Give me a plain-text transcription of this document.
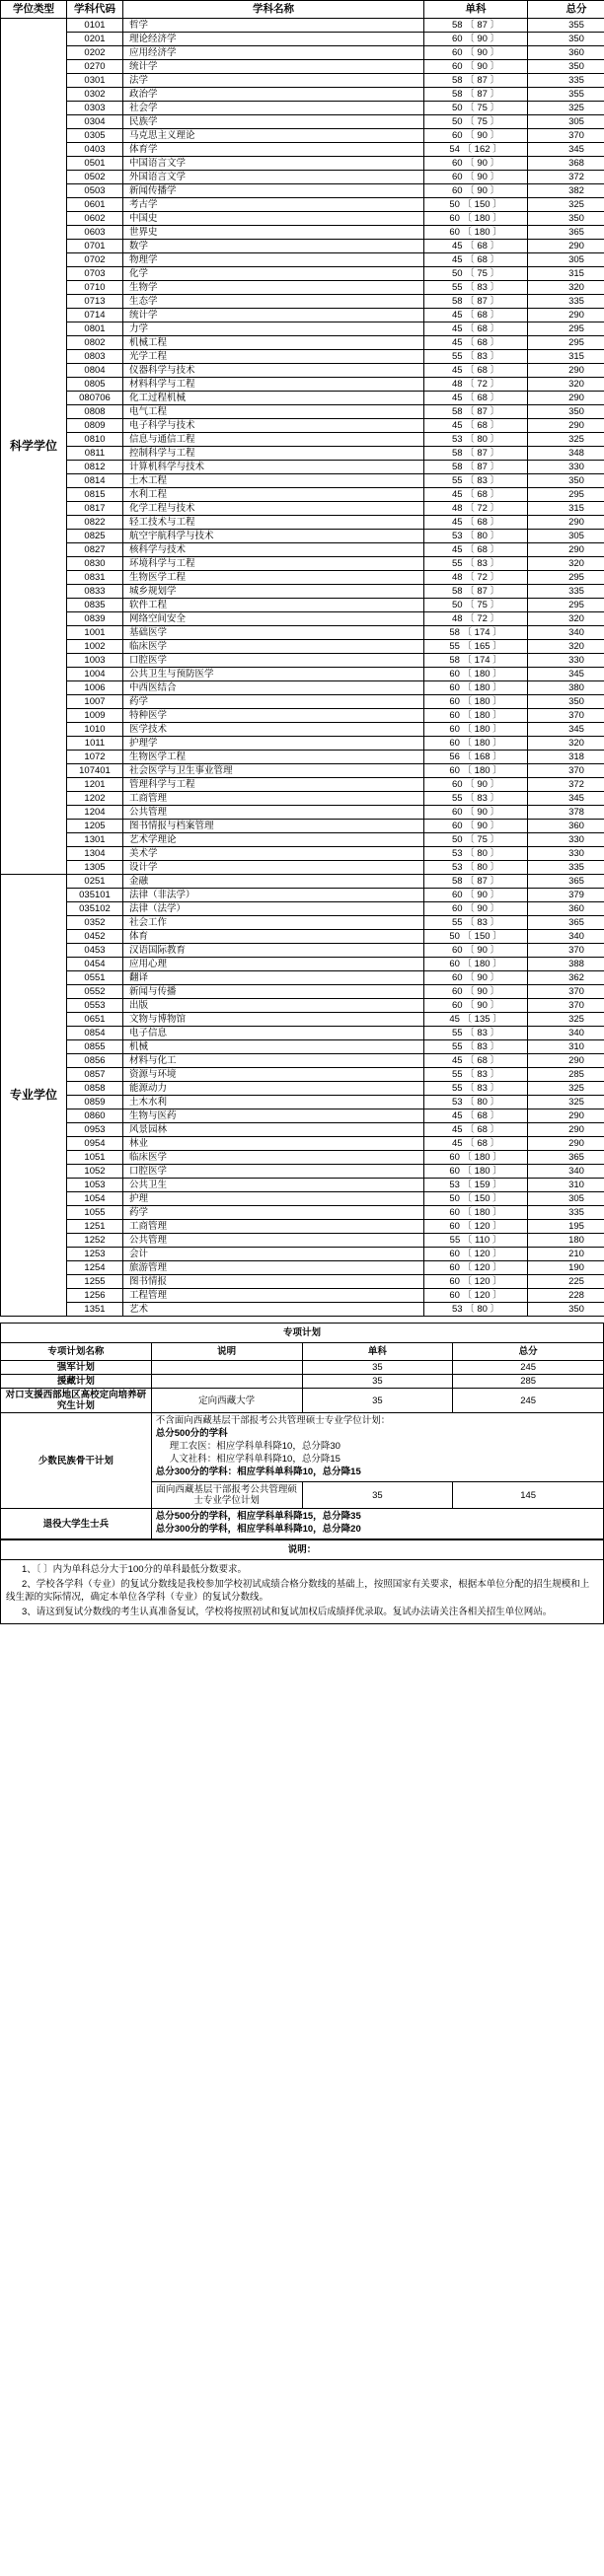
学位类型	学科代码	学科名称	单科	总分
科学学位	0101	哲学	58 〔 87 〕	355
	0201	理论经济学	60 〔 90 〕	350
	0202	应用经济学	60 〔 90 〕	360
	0270	统计学	60 〔 90 〕	350
	0301	法学	58 〔 87 〕	335
	0302	政治学	58 〔 87 〕	355
	0303	社会学	50 〔 75 〕	325
	0304	民族学	50 〔 75 〕	305
	0305	马克思主义理论	60 〔 90 〕	370
	0403	体育学	54 〔 162 〕	345
	0501	中国语言文学	60 〔 90 〕	368
	0502	外国语言文学	60 〔 90 〕	372
	0503	新闻传播学	60 〔 90 〕	382
	0601	考古学	50 〔 150 〕	325
	0602	中国史	60 〔 180 〕	350
	0603	世界史	60 〔 180 〕	365
	0701	数学	45 〔 68 〕	290
	0702	物理学	45 〔 68 〕	305
	0703	化学	50 〔 75 〕	315
	0710	生物学	55 〔 83 〕	320
	0713	生态学	58 〔 87 〕	335
	0714	统计学	45 〔 68 〕	290
	0801	力学	45 〔 68 〕	295
	0802	机械工程	45 〔 68 〕	295
	0803	光学工程	55 〔 83 〕	315
	0804	仪器科学与技术	45 〔 68 〕	290
	0805	材料科学与工程	48 〔 72 〕	320
	080706	化工过程机械	45 〔 68 〕	290
	0808	电气工程	58 〔 87 〕	350
	0809	电子科学与技术	45 〔 68 〕	290
	0810	信息与通信工程	53 〔 80 〕	325
	0811	控制科学与工程	58 〔 87 〕	348
	0812	计算机科学与技术	58 〔 87 〕	330
	0814	土木工程	55 〔 83 〕	350
	0815	水利工程	45 〔 68 〕	295
	0817	化学工程与技术	48 〔 72 〕	315
	0822	轻工技术与工程	45 〔 68 〕	290
	0825	航空宇航科学与技术	53 〔 80 〕	305
	0827	核科学与技术	45 〔 68 〕	290
	0830	环境科学与工程	55 〔 83 〕	320
	0831	生物医学工程	48 〔 72 〕	295
	0833	城乡规划学	58 〔 87 〕	335
	0835	软件工程	50 〔 75 〕	295
	0839	网络空间安全	48 〔 72 〕	320
	1001	基础医学	58 〔 174 〕	340
	1002	临床医学	55 〔 165 〕	320
	1003	口腔医学	58 〔 174 〕	330
	1004	公共卫生与预防医学	60 〔 180 〕	345
	1006	中西医结合	60 〔 180 〕	380
	1007	药学	60 〔 180 〕	350
	1009	特种医学	60 〔 180 〕	370
	1010	医学技术	60 〔 180 〕	345
	1011	护理学	60 〔 180 〕	320
	1072	生物医学工程	56 〔 168 〕	318
	107401	社会医学与卫生事业管理	60 〔 180 〕	370
	1201	管理科学与工程	60 〔 90 〕	372
	1202	工商管理	55 〔 83 〕	345
	1204	公共管理	60 〔 90 〕	378
	1205	图书情报与档案管理	60 〔 90 〕	360
	1301	艺术学理论	50 〔 75 〕	330
	1304	美术学	53 〔 80 〕	330
	1305	设计学	53 〔 80 〕	335
专业学位	0251	金融	58 〔 87 〕	365
	035101	法律（非法学）	60 〔 90 〕	379
	035102	法律（法学）	60 〔 90 〕	360
	0352	社会工作	55 〔 83 〕	365
	0452	体育	50 〔 150 〕	340
	0453	汉语国际教育	60 〔 90 〕	370
	0454	应用心理	60 〔 180 〕	388
	0551	翻译	60 〔 90 〕	362
	0552	新闻与传播	60 〔 90 〕	370
	0553	出版	60 〔 90 〕	370
	0651	文物与博物馆	45 〔 135 〕	325
	0854	电子信息	55 〔 83 〕	340
	0855	机械	55 〔 83 〕	310
	0856	材料与化工	45 〔 68 〕	290
	0857	资源与环境	55 〔 83 〕	285
	0858	能源动力	55 〔 83 〕	325
	0859	土木水利	53 〔 80 〕	325
	0860	生物与医药	45 〔 68 〕	290
	0953	风景园林	45 〔 68 〕	290
	0954	林业	45 〔 68 〕	290
	1051	临床医学	60 〔 180 〕	365
	1052	口腔医学	60 〔 180 〕	340
	1053	公共卫生	53 〔 159 〕	310
	1054	护理	50 〔 150 〕	305
	1055	药学	60 〔 180 〕	335
	1251	工商管理	60 〔 120 〕	195
	1252	公共管理	55 〔 110 〕	180
	1253	会计	60 〔 120 〕	210
	1254	旅游管理	60 〔 120 〕	190
	1255	图书情报	60 〔 120 〕	225
	1256	工程管理	60 〔 120 〕	228
	1351	艺术	53 〔 80 〕	350
专项计划			
专项计划名称	说明	单科	总分
强军计划		35	245
援藏计划		35	285
对口支援西部地区高校定向培养研究生计划	定向西藏大学	35	245
少数民族骨干计划	不含面向西藏基层干部报考公共管理硕士专业学位计划：
总分500分的学科
理工农医：相应学科单科降10，总分降30
人文社科：相应学科单科降10，总分降15
总分300分的学科：相应学科单科降10，总分降15		

	面向西藏基层干部报考公共管理硕士专业学位计划	35	145
退役大学生士兵	总分500分的学科，相应学科单科降15，总分降35
总分300分的学科，相应学科单科降10，总分降20		
说明：

1、〔 〕内为单科总分大于100分的单科最低分数要求。
2、学校各学科（专业）的复试分数线是我校参加学校初试成绩合格分数线的基础上，按照国家有关要求，根据本单位分配的招生规模和上线生源的实际情况，确定本单位各学科（专业）的复试分数线。
3、请这到复试分数线的考生认真准备复试，学校将按照初试和复试加权后成绩择优录取。复试办法请关注各相关招生单位网站。
